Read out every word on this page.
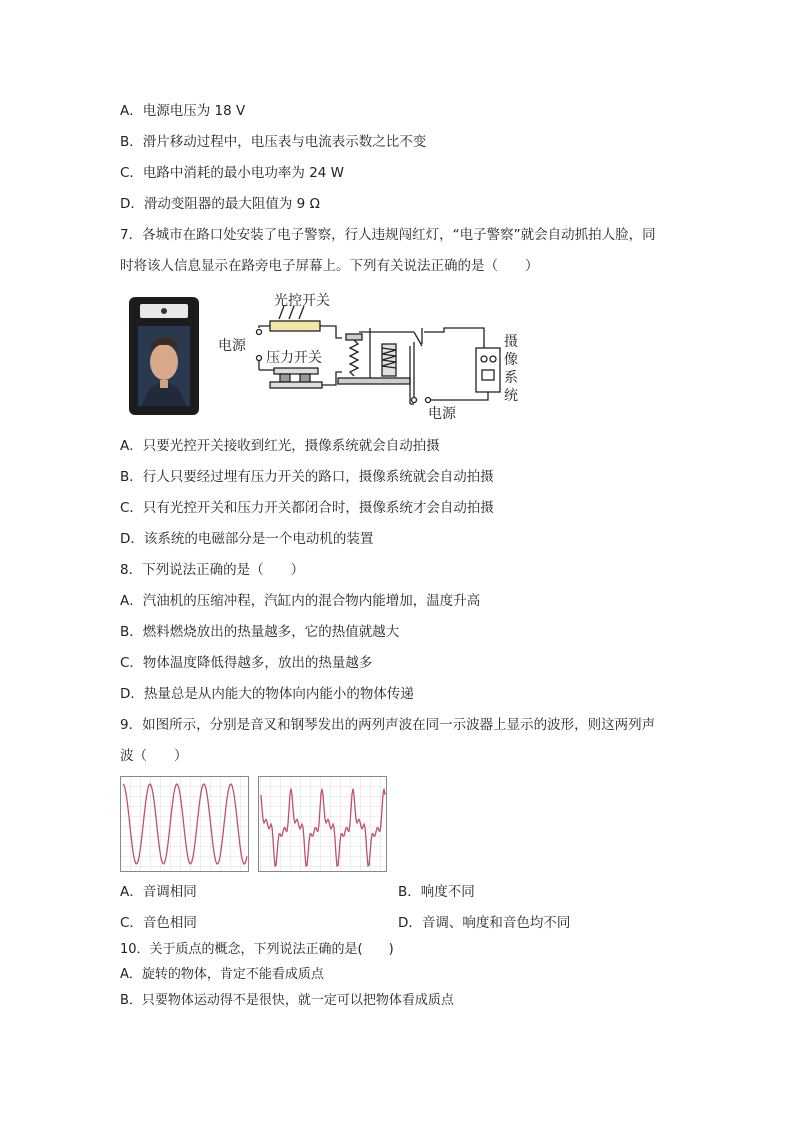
A．电源电压为 18 V
B．滑片移动过程中，电压表与电流表示数之比不变
C．电路中消耗的最小电功率为 24 W
D．滑动变阻器的最大阻值为 9 Ω
7．各城市在路口处安装了电子警察，行人违规闯红灯，“电子警察”就会自动抓拍人脸，同
时将该人信息显示在路旁电子屏幕上。下列有关说法正确的是（　　）
光控开关
压力开关
电源
电源
摄
像
系
统
A．只要光控开关接收到红光，摄像系统就会自动拍摄
B．行人只要经过埋有压力开关的路口，摄像系统就会自动拍摄
C．只有光控开关和压力开关都闭合时，摄像系统才会自动拍摄
D．该系统的电磁部分是一个电动机的装置
8．下列说法正确的是（　　）
A．汽油机的压缩冲程，汽缸内的混合物内能增加，温度升高
B．燃料燃烧放出的热量越多，它的热值就越大
C．物体温度降低得越多，放出的热量越多
D．热量总是从内能大的物体向内能小的物体传递
9．如图所示，分别是音叉和钢琴发出的两列声波在同一示波器上显示的波形，则这两列声
波（　　）
A．音调相同	B．响度不同
C．音色相同	D．音调、响度和音色均不同
10．关于质点的概念，下列说法正确的是(　　)
A．旋转的物体，肯定不能看成质点
B．只要物体运动得不是很快，就一定可以把物体看成质点
